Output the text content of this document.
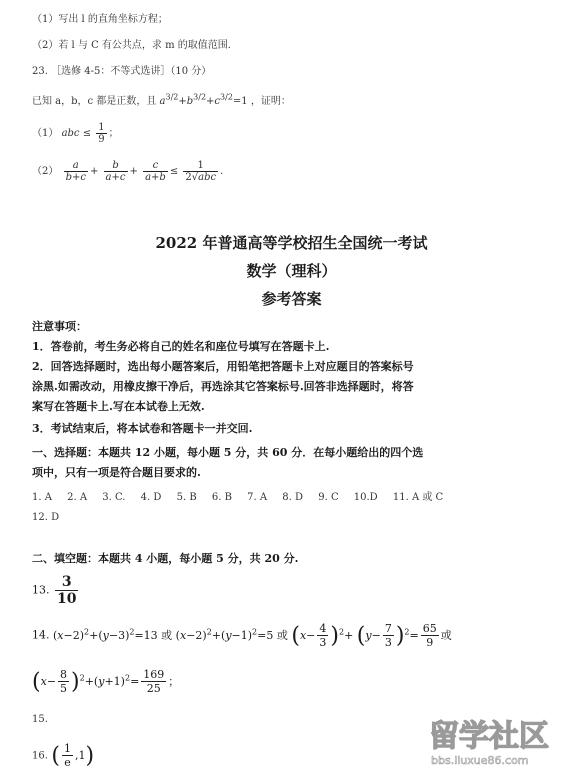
（1）写出 l 的直角坐标方程；
（2）若 l 与 C 有公共点，求 m 的取值范围.
23. ［选修 4-5：不等式选讲］（10 分）
已知 a，b，c 都是正数，且 $a^{3/2}+b^{3/2}+c^{3/2}=1$ ，证明：
（1） abc ≤ $\frac{1}{9}$ ；
$(2) \frac{a}{b+c} + \frac{b}{a+c} + \frac{c}{a+b} \le \frac{1}{\text{2√abc}}$ .
2022 年普通高等学校招生全国统一考试
数学（理科）
参考答案
注意事项：
1．答卷前，考生务必将自己的姓名和座位号填写在答题卡上.
2．回答选择题时，选出每小题答案后，用铅笔把答题卡上对应题目的答案标号
涂黑.如需改动，用橡皮擦干净后，再选涂其它答案标号.回答非选择题时，将答
案写在答题卡上.写在本试卷上无效.
3．考试结束后，将本试卷和答题卡一并交回.
一、选择题：本题共 12 小题，每小题 5 分，共 60 分．在每小题给出的四个选
项中，只有一项是符合题目要求的.
1. A 2. A 3. C. 4. D 5. B 6. B 7. A 8. D 9. C 10.D 11. A 或 C
12. D
二、填空题：本题共 4 小题，每小题 5 分，共 20 分.
13. $\frac{3}{10}$
14. $(x-2)^2+(y-3)^2=13$ 或 $(x-2)^2+(y-1)^2=5$ 或 $(x- \frac{4}{3} )^2+ (y- \frac{7}{3} )^2= \frac{65}{9}$ 或
$(x- \frac{8}{5} )^2+(y+1)^2= \frac{169}{25}$ ；
15.
16. ( $\frac{1}{e} ,1$)
留学社区
bbs.liuxue86.com
